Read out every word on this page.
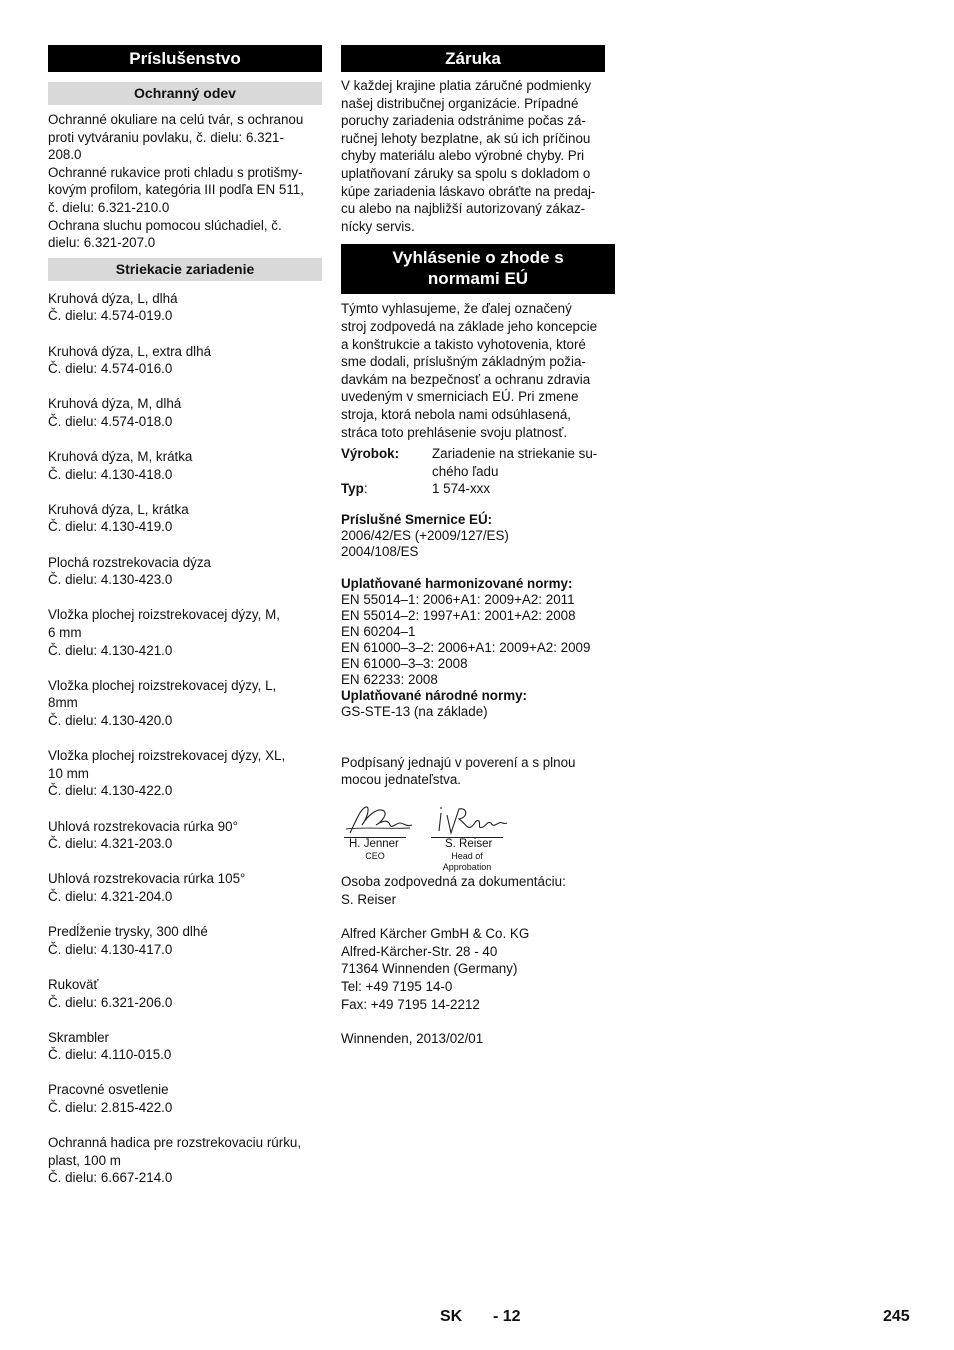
Príslušenstvo
Ochranný odev

Ochranné okuliare na celú tvár, s ochranou
proti vytváraniu povlaku, č. dielu: 6.321-
208.0
Ochranné rukavice proti chladu s protišmy-
kovým profilom, kategória III podľa EN 511,
č. dielu: 6.321-210.0
Ochrana sluchu pomocou slúchadiel, č.
dielu: 6.321-207.0

Striekacie zariadenie

Kruhová dýza, L, dlhá
Č. dielu: 4.574-019.0

Kruhová dýza, L, extra dlhá
Č. dielu: 4.574-016.0

Kruhová dýza, M, dlhá
Č. dielu: 4.574-018.0

Kruhová dýza, M, krátka
Č. dielu: 4.130-418.0

Kruhová dýza, L, krátka
Č. dielu: 4.130-419.0

Plochá rozstrekovacia dýza
Č. dielu: 4.130-423.0

Vložka plochej roizstrekovacej dýzy, M,
6 mm
Č. dielu: 4.130-421.0

Vložka plochej roizstrekovacej dýzy, L,
8mm
Č. dielu: 4.130-420.0

Vložka plochej roizstrekovacej dýzy, XL,
10 mm
Č. dielu: 4.130-422.0

Uhlová rozstrekovacia rúrka 90°
Č. dielu: 4.321-203.0

Uhlová rozstrekovacia rúrka 105°
Č. dielu: 4.321-204.0

Predĺženie trysky, 300 dlhé
Č. dielu: 4.130-417.0

Rukoväť
Č. dielu: 6.321-206.0

Skrambler
Č. dielu: 4.110-015.0

Pracovné osvetlenie
Č. dielu: 2.815-422.0

Ochranná hadica pre rozstrekovaciu rúrku,
plast, 100 m
Č. dielu: 6.667-214.0

Záruka

V každej krajine platia záručné podmienky
našej distribučnej organizácie. Prípadné
poruchy zariadenia odstránime počas zá-
ručnej lehoty bezplatne, ak sú ich príčinou
chyby materiálu alebo výrobné chyby. Pri
uplatňovaní záruky sa spolu s dokladom o
kúpe zariadenia láskavo obráťte na predaj-
cu alebo na najbližší autorizovaný zákaz-
nícky servis.

Vyhlásenie o zhode s
normami EÚ

Týmto vyhlasujeme, že ďalej označený
stroj zodpovedá na základe jeho koncepcie
a konštrukcie a takisto vyhotovenia, ktoré
sme dodali, príslušným základným požia-
davkám na bezpečnosť a ochranu zdravia
uvedeným v smerniciach EÚ. Pri zmene
stroja, ktorá nebola nami odsúhlasená,
stráca toto prehlásenie svoju platnosť.

Výrobok:	Zariadenie na striekanie su-
chého ľadu
Typ:	1 574-xxx
Príslušné Smernice EÚ:

2006/42/ES (+2009/127/ES)
2004/108/ES

Uplatňované harmonizované normy:

EN 55014–1: 2006+A1: 2009+A2: 2011
EN 55014–2: 1997+A1: 2001+A2: 2008
EN 60204–1
EN 61000–3–2: 2006+A1: 2009+A2: 2009
EN 61000–3–3: 2008
EN 62233: 2008

Uplatňované národné normy:

GS-STE-13 (na základe)

Podpísaný jednajú v poverení a s plnou
mocou jednateľstva.

H. Jenner
CEO
S. Reiser
Head of Approbation

Osoba zodpovedná za dokumentáciu:
S. Reiser

Alfred Kärcher GmbH & Co. KG
Alfred-Kärcher-Str. 28 - 40
71364 Winnenden (Germany)
Tel: +49 7195 14-0
Fax: +49 7195 14-2212

Winnenden, 2013/02/01

SK - 12	245
